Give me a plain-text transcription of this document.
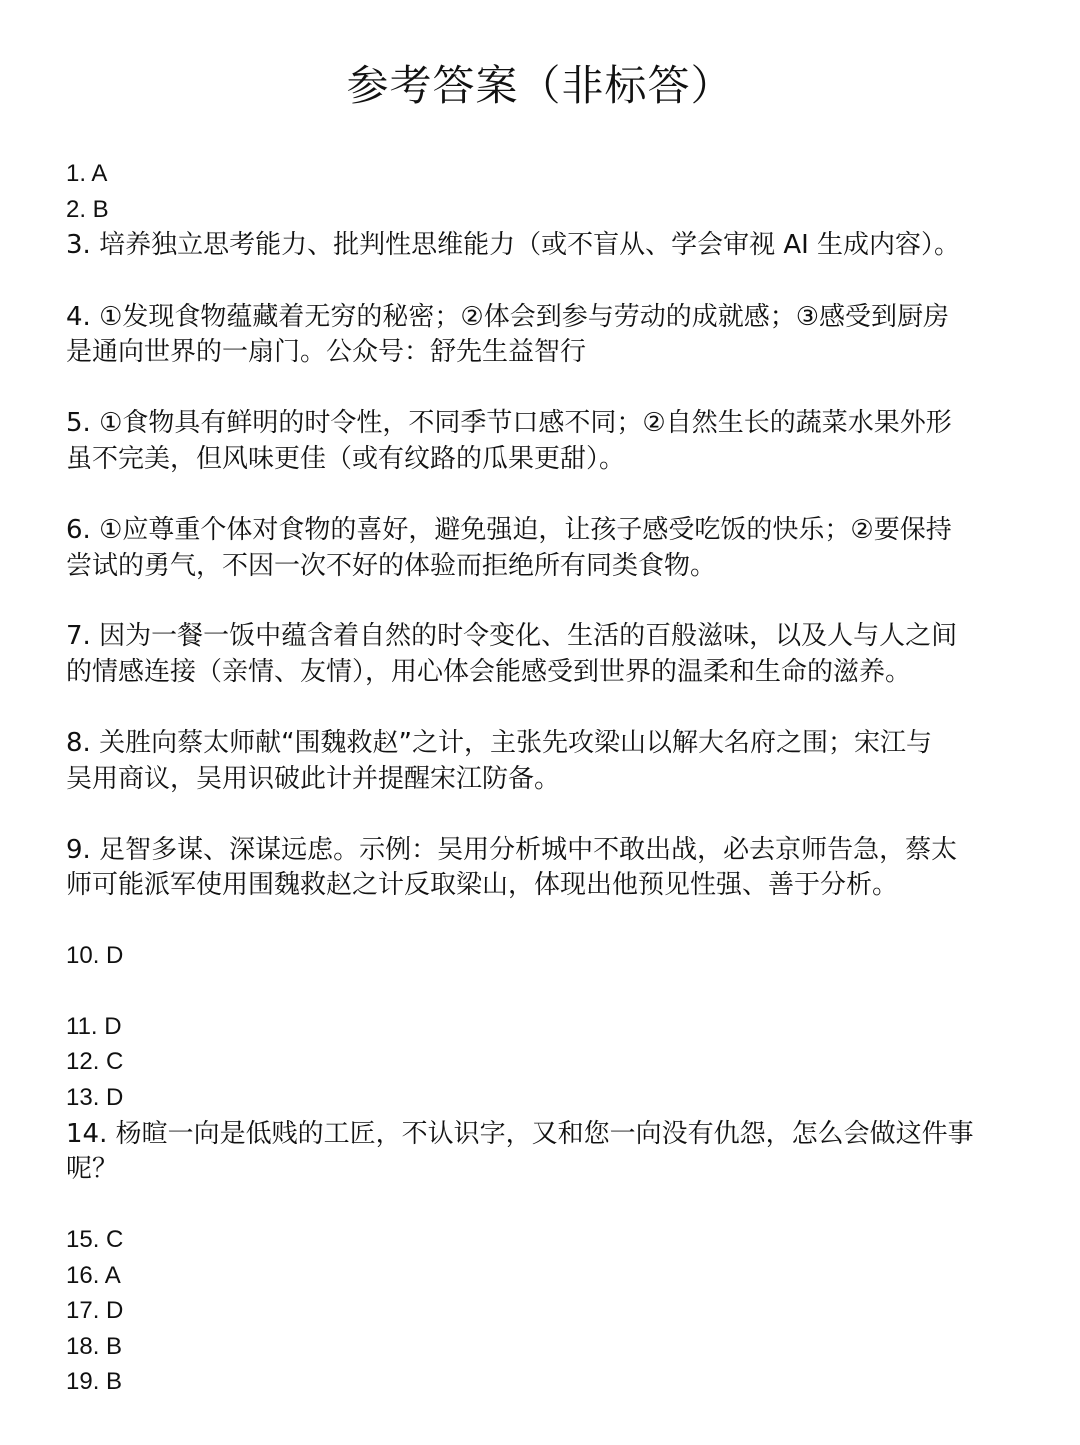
参考答案（非标答）
1. A
2. B
3. 培养独立思考能力、批判性思维能力（或不盲从、学会审视 AI 生成内容）。
4. ①发现食物蕴藏着无穷的秘密；②体会到参与劳动的成就感；③感受到厨房
是通向世界的一扇门。公众号：舒先生益智行
5. ①食物具有鲜明的时令性，不同季节口感不同；②自然生长的蔬菜水果外形
虽不完美，但风味更佳（或有纹路的瓜果更甜）。
6. ①应尊重个体对食物的喜好，避免强迫，让孩子感受吃饭的快乐；②要保持
尝试的勇气，不因一次不好的体验而拒绝所有同类食物。
7. 因为一餐一饭中蕴含着自然的时令变化、生活的百般滋味，以及人与人之间
的情感连接（亲情、友情），用心体会能感受到世界的温柔和生命的滋养。
8. 关胜向蔡太师献“围魏救赵”之计，主张先攻梁山以解大名府之围；宋江与
吴用商议，吴用识破此计并提醒宋江防备。
9. 足智多谋、深谋远虑。示例：吴用分析城中不敢出战，必去京师告急，蔡太
师可能派军使用围魏救赵之计反取梁山，体现出他预见性强、善于分析。
10. D
11. D
12. C
13. D
14. 杨暄一向是低贱的工匠，不认识字，又和您一向没有仇怨，怎么会做这件事
呢？
15. C
16. A
17. D
18. B
19. B
